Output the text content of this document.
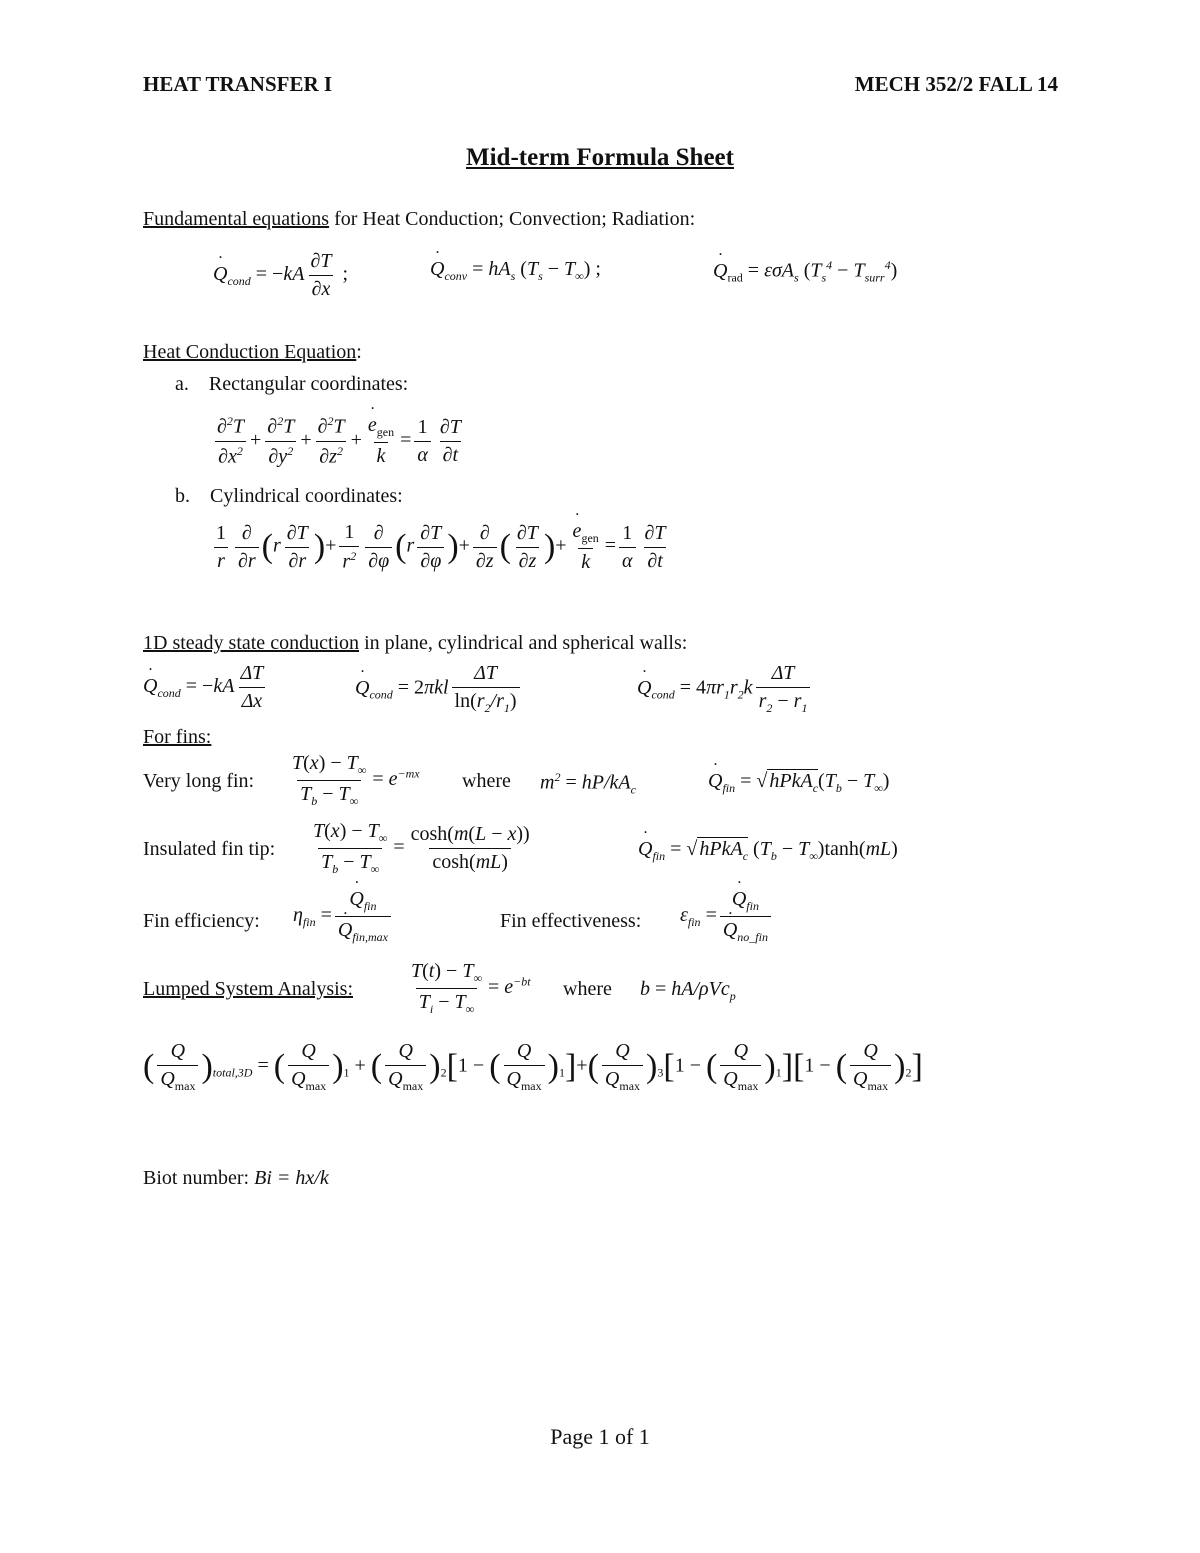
HEAT TRANSFER I	MECH 352/2 FALL 14
Mid-term Formula Sheet
Fundamental equations for Heat Conduction; Convection; Radiation:
˙ $Q_{cond} = -kA \frac{\partial T}{\partial x}$ ;	˙ $Q_{conv} = hA_s$ $(T_s - T_\infty)$ ;	˙ $Q_{rad} = \varepsilon\sigma A_s$ $(T_s^4 - T_{surr}^4)$
Heat Conduction Equation:
a. Rectangular coordinates:
$\frac{\partial^2T}{\partial x^2} + \frac{\partial^2T}{\partial y^2} + \frac{\partial^2T}{\partial z^2}$ + ˙ $\frac{e_{gen}}{k} = \frac{1}{\alpha} \frac{\partial T}{\partial t}$
b. Cylindrical coordinates:
$\frac{1}{r} \frac{\partial}{\partial r} (r \frac{\partial T}{\partial r}$ )+ $\frac{1}{r^2} \frac{\partial}{\partial\varphi} (r \frac{\partial T}{\partial\varphi}$ )+ $\frac{\partial}{\partial z}$ ( $\frac{\partial T}{\partial z}$ )+ ˙ $\frac{e_{gen}}{k} = \frac{1}{\alpha} \frac{\partial T}{\partial t}$
1D steady state conduction in plane, cylindrical and spherical walls:
˙ $Q_{cond} = -kA \frac{\Delta T}{\Delta x}$	˙ $Q_{cond} = 2\pi kl \frac{\Delta T}{\ln(r_2/r_1)}$	˙ $Q_{cond} = 4\pi r_1r_2k \frac{\Delta T}{r_2 - r_1}$
For fins:
Very long fin: $\frac{T(x) - T_\infty}{T_b - T_\infty} = e^{-mx}$ where $m^2 = hP/kA_c$	˙ $Q_{fin}$ = √ $hPkA_c(T_b - T_\infty)$
Insulated fin tip: $\frac{T(x) - T_\infty}{T_b - T_\infty} = \frac{\cosh(m(L - x))}{\cosh(mL)}$	˙ $Q_{fin}$ = √ hPkA$_c$ $(T_b - T_\infty)\tanh(mL)$
Fin efficiency: $\eta_{fin}$ = ˙ $Q_{fin}$
˙ $Q_{fin,max}$	Fin effectiveness: $\varepsilon_{fin}$ = ˙ $Q_{fin}$
˙ $Q_{no\_fin}$
Lumped System Analysis:	$\frac{T(t) - T_\infty}{T_i - T_\infty} = e^{-bt}$ where b = hA/ρVc$_p$
( $\frac{Q}{Q_{max}} )_{total,3D}$ = ( $\frac{Q}{Q_{max}} )_1$ + ( $\frac{Q}{Q_{max}} )_2[1$ − ( $\frac{Q}{Q_{max}} )_1]+( \frac{Q}{Q_{max}} )_3[1$ − ( $\frac{Q}{Q_{max}} )_1][1$ − ( $\frac{Q}{Q_{max}} )_2$]
Biot number: Bi = hx/k
Page 1 of 1
